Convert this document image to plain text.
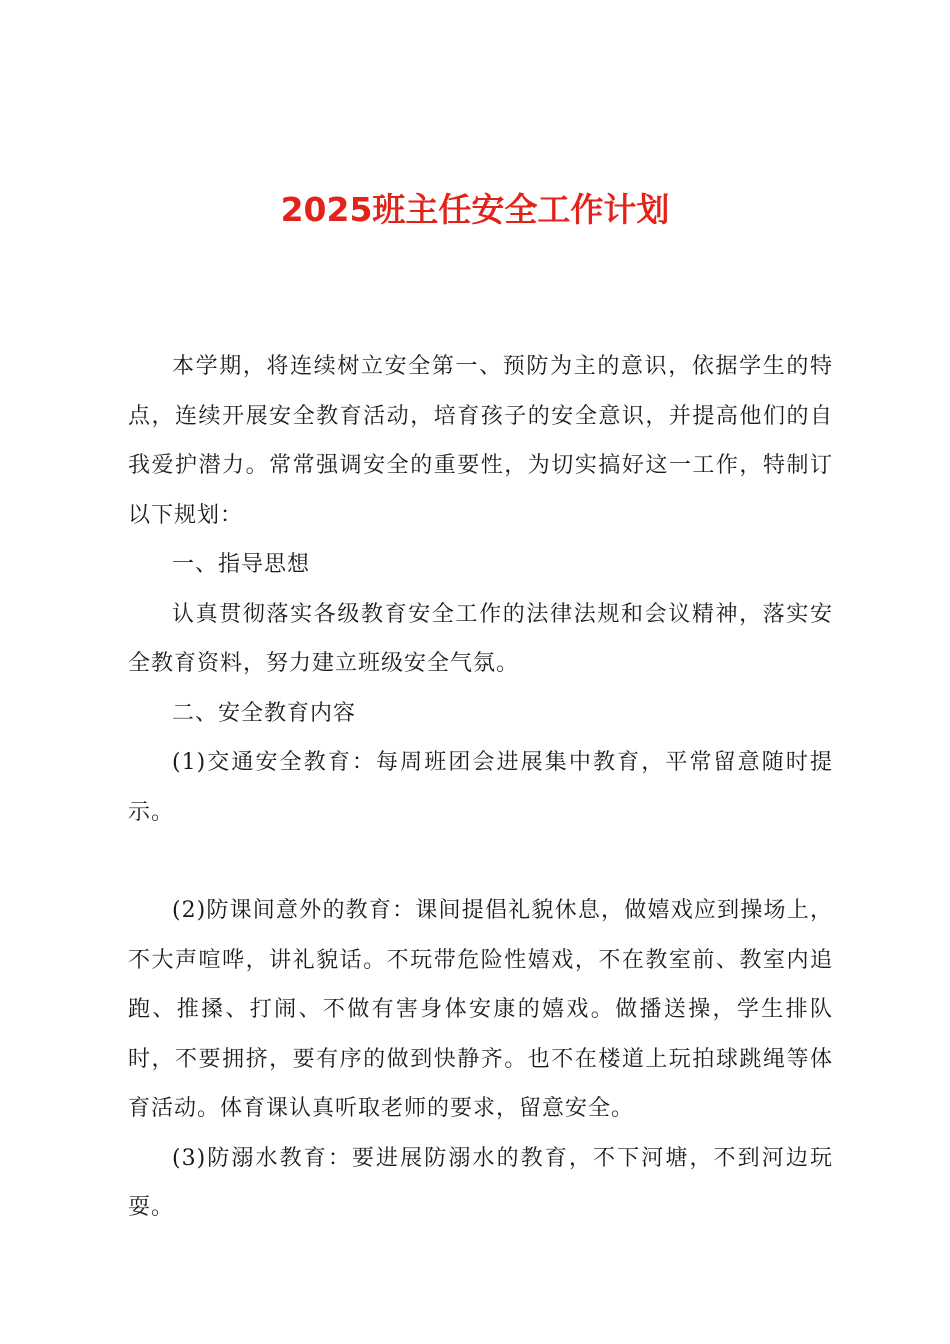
2025班主任安全工作计划

本学期，将连续树立安全第一、预防为主的意识，依据学生的特点，连续开展安全教育活动，培育孩子的安全意识，并提高他们的自我爱护潜力。常常强调安全的重要性，为切实搞好这一工作，特制订以下规划：

一、指导思想

认真贯彻落实各级教育安全工作的法律法规和会议精神，落实安全教育资料，努力建立班级安全气氛。

二、安全教育内容

(1)交通安全教育：每周班团会进展集中教育，平常留意随时提示。

(2)防课间意外的教育：课间提倡礼貌休息，做嬉戏应到操场上，不大声喧哗，讲礼貌话。不玩带危险性嬉戏，不在教室前、教室内追跑、推搡、打闹、不做有害身体安康的嬉戏。做播送操，学生排队时，不要拥挤，要有序的做到快静齐。也不在楼道上玩拍球跳绳等体育活动。体育课认真听取老师的要求，留意安全。

(3)防溺水教育：要进展防溺水的教育，不下河塘，不到河边玩耍。
